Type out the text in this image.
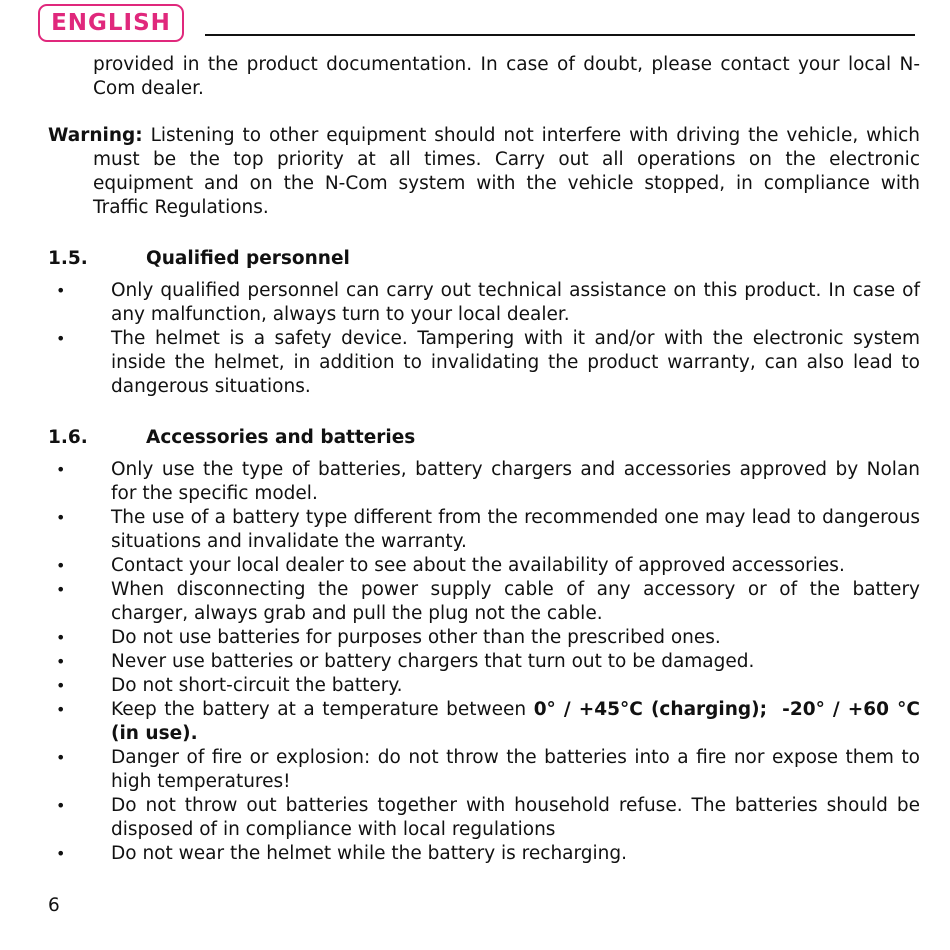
ENGLISH

provided in the product documentation. In case of doubt, please contact your local N-Com dealer.

Warning: Listening to other equipment should not interfere with driving the vehicle, which must be the top priority at all times. Carry out all operations on the electronic equipment and on the N-Com system with the vehicle stopped, in compliance with Traffic Regulations.

1.5.	Qualified personnel
• Only qualified personnel can carry out technical assistance on this product. In case of any malfunction, always turn to your local dealer.
• The helmet is a safety device. Tampering with it and/or with the electronic system inside the helmet, in addition to invalidating the product warranty, can also lead to dangerous situations.
1.6.	Accessories and batteries
• Only use the type of batteries, battery chargers and accessories approved by Nolan for the specific model.
• The use of a battery type different from the recommended one may lead to dangerous situations and invalidate the warranty.
• Contact your local dealer to see about the availability of approved accessories.
• When disconnecting the power supply cable of any accessory or of the battery charger, always grab and pull the plug not the cable.
• Do not use batteries for purposes other than the prescribed ones.
• Never use batteries or battery chargers that turn out to be damaged.
• Do not short-circuit the battery.
• Keep the battery at a temperature between 0° / +45°C (charging); -20° / +60 °C (in use).
• Danger of fire or explosion: do not throw the batteries into a fire nor expose them to high temperatures!
• Do not throw out batteries together with household refuse. The batteries should be disposed of in compliance with local regulations
• Do not wear the helmet while the battery is recharging.
6
